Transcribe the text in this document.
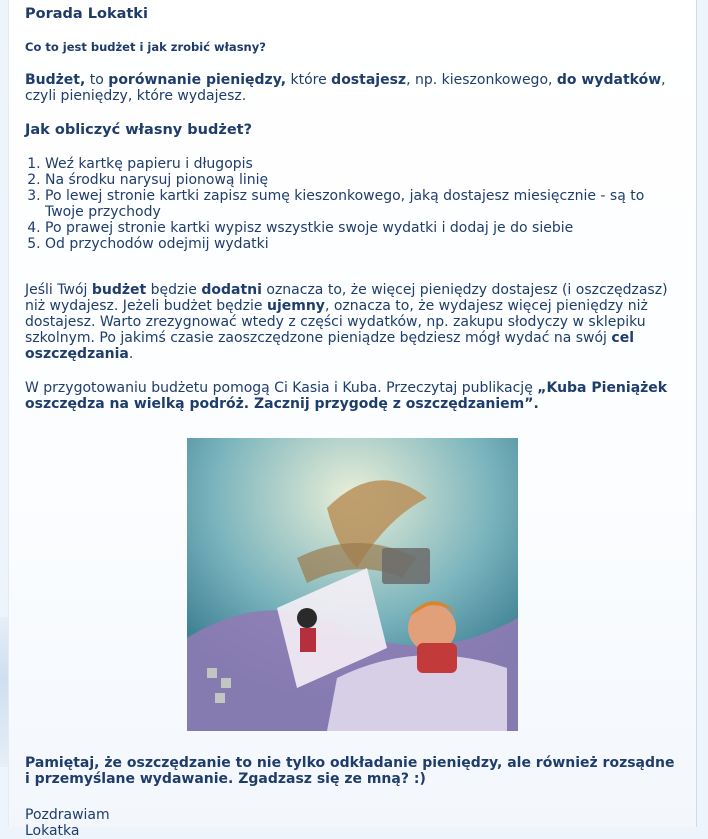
Porada Lokatki
Co to jest budżet i jak zrobić własny?

Budżet, to porównanie pieniędzy, które dostajesz, np. kieszonkowego, do wydatków, czyli pieniędzy, które wydajesz.

Jak obliczyć własny budżet?
1. Weź kartkę papieru i długopis
2. Na środku narysuj pionową linię
3. Po lewej stronie kartki zapisz sumę kieszonkowego, jaką dostajesz miesięcznie - są to Twoje przychody
4. Po prawej stronie kartki wypisz wszystkie swoje wydatki i dodaj je do siebie
5. Od przychodów odejmij wydatki

Jeśli Twój budżet będzie dodatni oznacza to, że więcej pieniędzy dostajesz (i oszczędzasz) niż wydajesz. Jeżeli budżet będzie ujemny, oznacza to, że wydajesz więcej pieniędzy niż dostajesz. Warto zrezygnować wtedy z części wydatków, np. zakupu słodyczy w sklepiku szkolnym. Po jakimś czasie zaoszczędzone pieniądze będziesz mógł wydać na swój cel oszczędzania.

W przygotowaniu budżetu pomogą Ci Kasia i Kuba. Przeczytaj publikację „Kuba Pieniążek oszczędza na wielką podróż. Zacznij przygodę z oszczędzaniem”.

Pamiętaj, że oszczędzanie to nie tylko odkładanie pieniędzy, ale również rozsądne i przemyślane wydawanie. Zgadzasz się ze mną? :)

Pozdrawiam

Lokatka
